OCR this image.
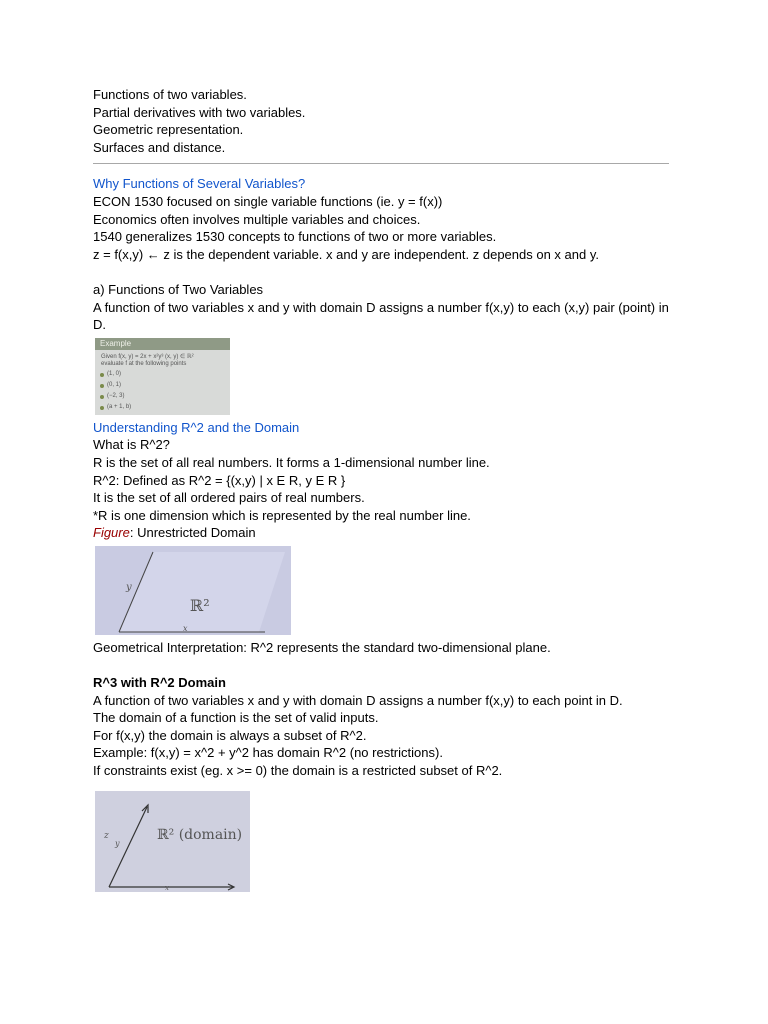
Functions of two variables.

Partial derivatives with two variables.

Geometric representation.

Surfaces and distance.

Why Functions of Several Variables?

ECON 1530 focused on single variable functions (ie. y = f(x))

Economics often involves multiple variables and choices.

1540 generalizes 1530 concepts to functions of two or more variables.

z = f(x,y) ← z is the dependent variable. x and y are independent. z depends on x and y.

a) Functions of Two Variables

A function of two variables x and y with domain D assigns a number f(x,y) to each (x,y) pair (point) in D.

Example
Given f(x, y) = 2x + x²y³ (x, y) ∈ ℝ²
evaluate f at the following points
(1, 0)
(0, 1)
(−2, 3)
(a + 1, b)

Understanding R^2 and the Domain

What is R^2?

R is the set of all real numbers. It forms a 1-dimensional number line.

R^2: Defined as R^2 = {(x,y) | x E R, y E R }

It is the set of all ordered pairs of real numbers.

*R is one dimension which is represented by the real number line.

Figure: Unrestricted Domain

y
x
ℝ²

Geometrical Interpretation: R^2 represents the standard two-dimensional plane.

R^3 with R^2 Domain

A function of two variables x and y with domain D assigns a number f(x,y) to each point in D.

The domain of a function is the set of valid inputs.

For f(x,y) the domain is always a subset of R^2.

Example: f(x,y) = x^2 + y^2 has domain R^2 (no restrictions).

If constraints exist (eg. x >= 0) the domain is a restricted subset of R^2.

z
y
x
ℝ² (domain)
